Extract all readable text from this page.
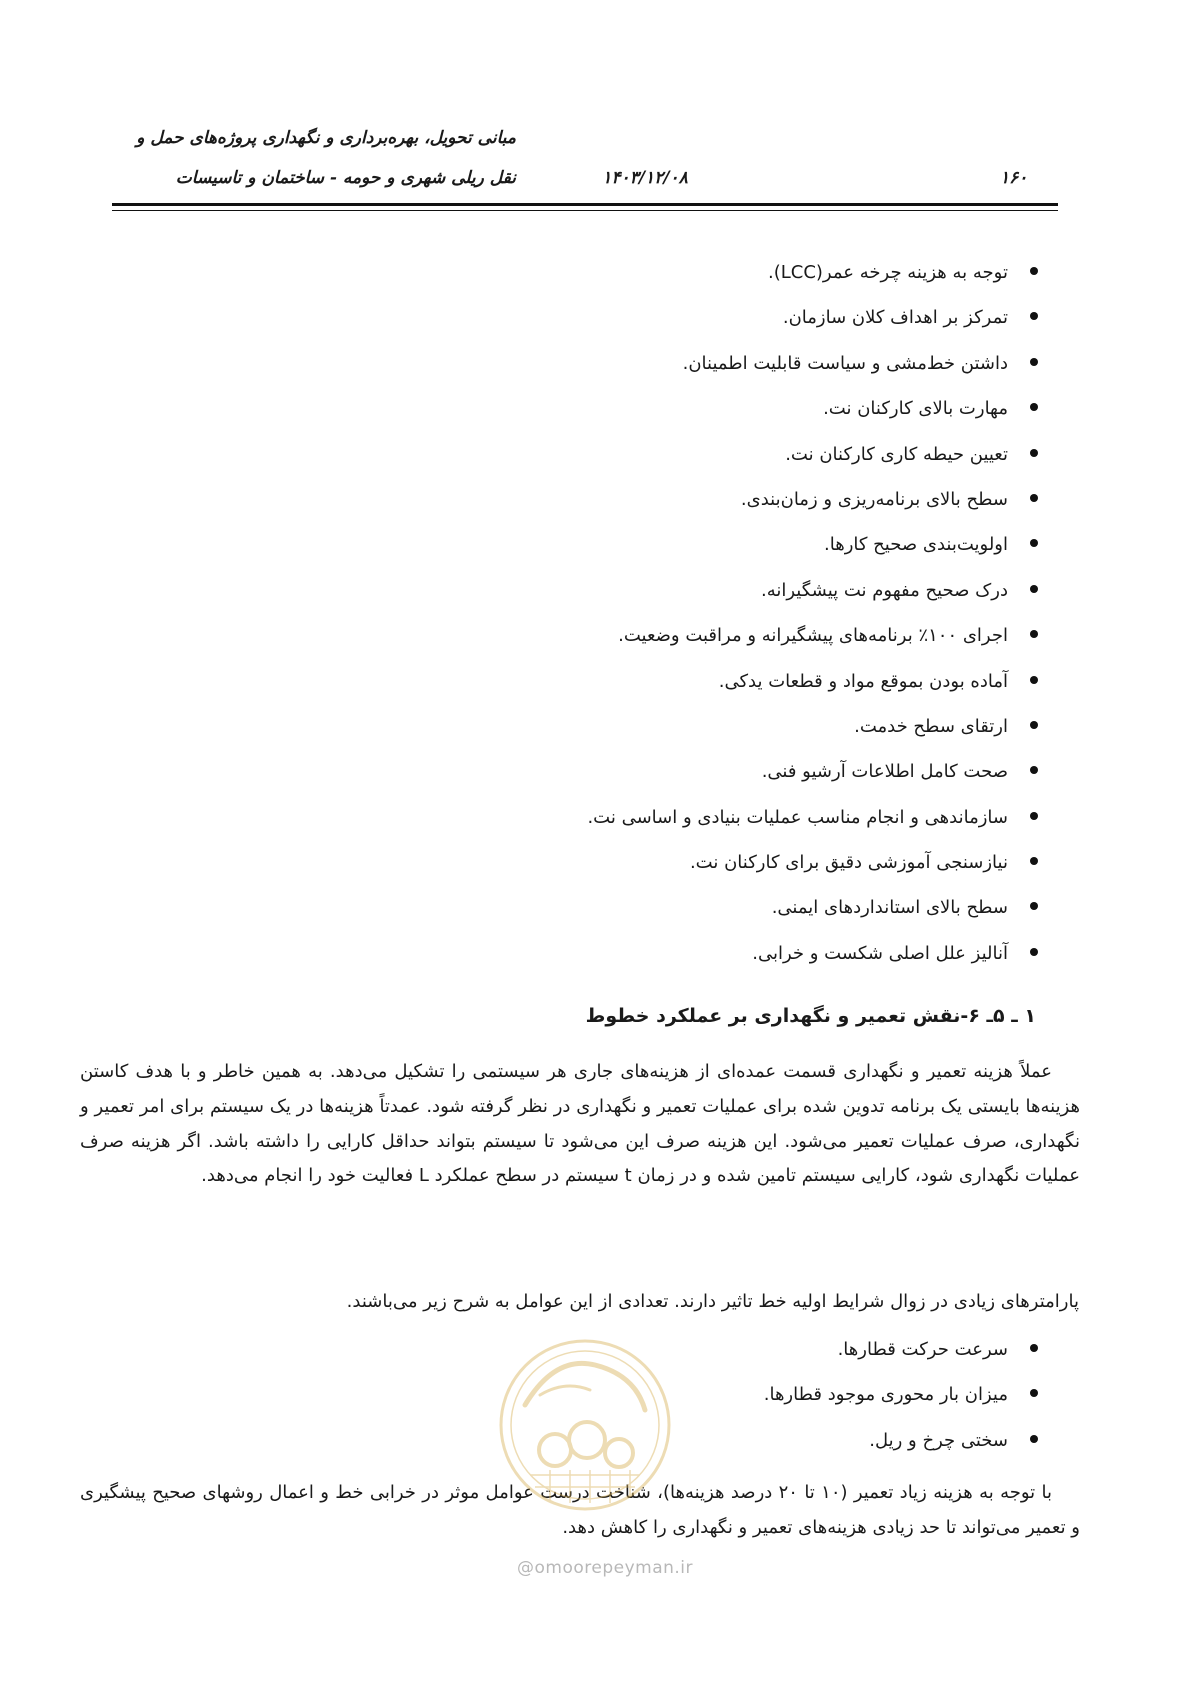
مبانی تحویل، بهره‌برداری و نگهداری پروژه‌های حمل و
نقل ریلی شهری و حومه - ساختمان و تاسیسات	۱۴۰۳/۱۲/۰۸	۱۶۰
توجه به هزینه چرخه عمر(LCC).
تمرکز بر اهداف کلان سازمان.
داشتن خط‌مشی و سیاست قابلیت اطمینان.
مهارت بالای کارکنان نت.
تعیین حیطه کاری کارکنان نت.
سطح بالای برنامه‌ریزی و زمان‌بندی.
اولویت‌بندی صحیح کارها.
درک صحیح مفهوم نت پیشگیرانه.
اجرای ۱۰۰٪ برنامه‌های پیشگیرانه و مراقبت وضعیت.
آماده بودن بموقع مواد و قطعات یدکی.
ارتقای سطح خدمت.
صحت کامل اطلاعات آرشیو فنی.
سازماندهی و انجام مناسب عملیات بنیادی و اساسی نت.
نیازسنجی آموزشی دقیق برای کارکنان نت.
سطح بالای استانداردهای ایمنی.
آنالیز علل اصلی شکست و خرابی.
۱ ـ ۵ـ ۶-نقش تعمیر و نگهداری بر عملکرد خطوط

عملاً هزینه تعمیر و نگهداری قسمت عمده‌ای از هزینه‌های جاری هر سیستمی را تشکیل می‌دهد. به همین خاطر و با هدف کاستن هزینه‌ها بایستی یک برنامه تدوین شده برای عملیات تعمیر و نگهداری در نظر گرفته شود. عمدتاً هزینه‌ها در یک سیستم برای امر تعمیر و نگهداری، صرف عملیات تعمیر می‌شود. این هزینه صرف این می‌شود تا سیستم بتواند حداقل کارایی را داشته باشد. اگر هزینه صرف عملیات نگهداری شود، کارایی سیستم تامین شده و در زمان t سیستم در سطح عملکرد L فعالیت خود را انجام می‌دهد.

پارامترهای زیادی در زوال شرایط اولیه خط تاثیر دارند. تعدادی از این عوامل به شرح زیر می‌باشند.

سرعت حرکت قطارها.
میزان بار محوری موجود قطارها.
سختی چرخ و ریل.

با توجه به هزینه زیاد تعمیر (۱۰ تا ۲۰ درصد هزینه‌ها)، شناخت درست عوامل موثر در خرابی خط و اعمال روشهای صحیح پیشگیری و تعمیر می‌تواند تا حد زیادی هزینه‌های تعمیر و نگهداری را کاهش دهد.

@omoorepeyman.ir
